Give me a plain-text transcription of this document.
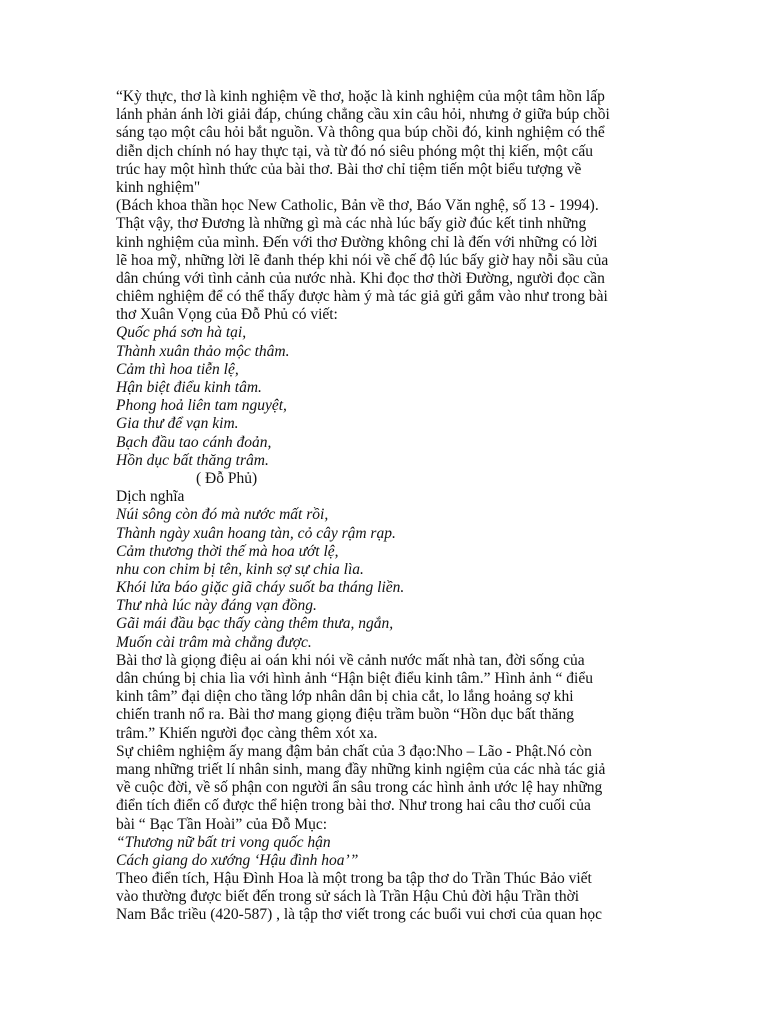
“Kỳ thực, thơ là kinh nghiệm về thơ, hoặc là kinh nghiệm của một tâm hồn lấp
lánh phản ánh lời giải đáp, chúng chẳng cầu xin câu hỏi, nhưng ở giữa búp chồi
sáng tạo một câu hỏi bắt nguồn. Và thông qua búp chồi đó, kinh nghiệm có thể
diễn dịch chính nó hay thực tại, và từ đó nó siêu phóng một thị kiến, một cấu
trúc hay một hình thức của bài thơ. Bài thơ chỉ tiệm tiến một biểu tượng về
kinh nghiệm"
(Bách khoa thần học New Catholic, Bản về thơ, Báo Văn nghệ, số 13 - 1994).
Thật vậy, thơ Đương là những gì mà các nhà lúc bấy giờ đúc kết tinh những
kinh nghiệm của mình. Đến với thơ Đường không chỉ là đến với những có lời
lẽ hoa mỹ, những lời lẽ đanh thép khi nói về chế độ lúc bấy giờ hay nỗi sầu của
dân chúng với tình cảnh của nước nhà. Khi đọc thơ thời Đường, người đọc cần
chiêm nghiệm để có thể thấy được hàm ý mà tác giả gửi gắm vào như trong bài
thơ Xuân Vọng của Đỗ Phủ có viết:
Quốc phá sơn hà tại,
Thành xuân thảo mộc thâm.
Cảm thì hoa tiễn lệ,
Hận biệt điểu kinh tâm.
Phong hoả liên tam nguyệt,
Gia thư để vạn kim.
Bạch đầu tao cánh đoản,
Hồn dục bất thăng trâm.
( Đỗ Phủ)
Dịch nghĩa
Núi sông còn đó mà nước mất rồi,
Thành ngày xuân hoang tàn, cỏ cây rậm rạp.
Cảm thương thời thế mà hoa ướt lệ,
nhu con chim bị tên, kinh sợ sự chia lìa.
Khói lửa báo giặc giã cháy suốt ba tháng liền.
Thư nhà lúc này đáng vạn đồng.
Gãi mái đầu bạc thấy càng thêm thưa, ngắn,
Muốn cài trâm mà chẳng được.
Bài thơ là giọng điệu ai oán khi nói về cảnh nước mất nhà tan, đời sống của
dân chúng bị chia lìa với hình ảnh “Hận biệt điểu kinh tâm.” Hình ảnh “ điểu
kinh tâm” đại diện cho tầng lớp nhân dân bị chia cắt, lo lắng hoảng sợ khi
chiến tranh nổ ra. Bài thơ mang giọng điệu trầm buồn “Hồn dục bất thăng
trâm.” Khiến người đọc càng thêm xót xa.
Sự chiêm nghiệm ấy mang đậm bản chất của 3 đạo:Nho – Lão - Phật.Nó còn
mang những triết lí nhân sinh, mang đầy những kinh ngiệm của các nhà tác giả
về cuộc đời, về số phận con người ẩn sâu trong các hình ảnh ước lệ hay những
điển tích điển cố được thể hiện trong bài thơ. Như trong hai câu thơ cuối của
bài “ Bạc Tần Hoài” của Đỗ Mục:
“Thương nữ bất tri vong quốc hận
Cách giang do xướng ‘Hậu đình hoa’”
Theo điển tích, Hậu Đình Hoa là một trong ba tập thơ do Trần Thúc Bảo viết
vào thường được biết đến trong sử sách là Trần Hậu Chủ đời hậu Trần thời
Nam Bắc triều (420-587) , là tập thơ viết trong các buổi vui chơi của quan học
